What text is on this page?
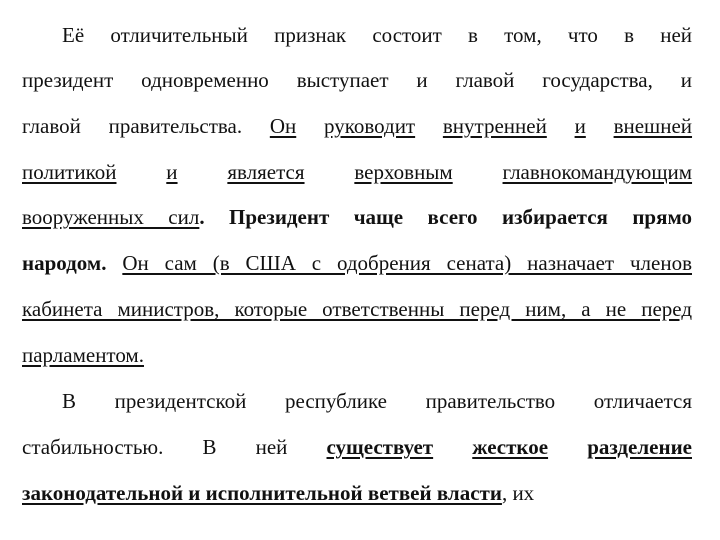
Её отличительный признак состоит в том, что в ней
президент одновременно выступает и главой государства, и
главой правительства. Он руководит внутренней и внешней
политикой и является верховным главнокомандующим
вооруженных сил. Президент чаще всего избирается прямо
народом. Он сам (в США с одобрения сената) назначает членов
кабинета министров, которые ответственны перед ним, а не перед
парламентом.
В президентской республике правительство отличается
стабильностью. В ней существует жесткое разделение
законодательной и исполнительной ветвей власти, их
